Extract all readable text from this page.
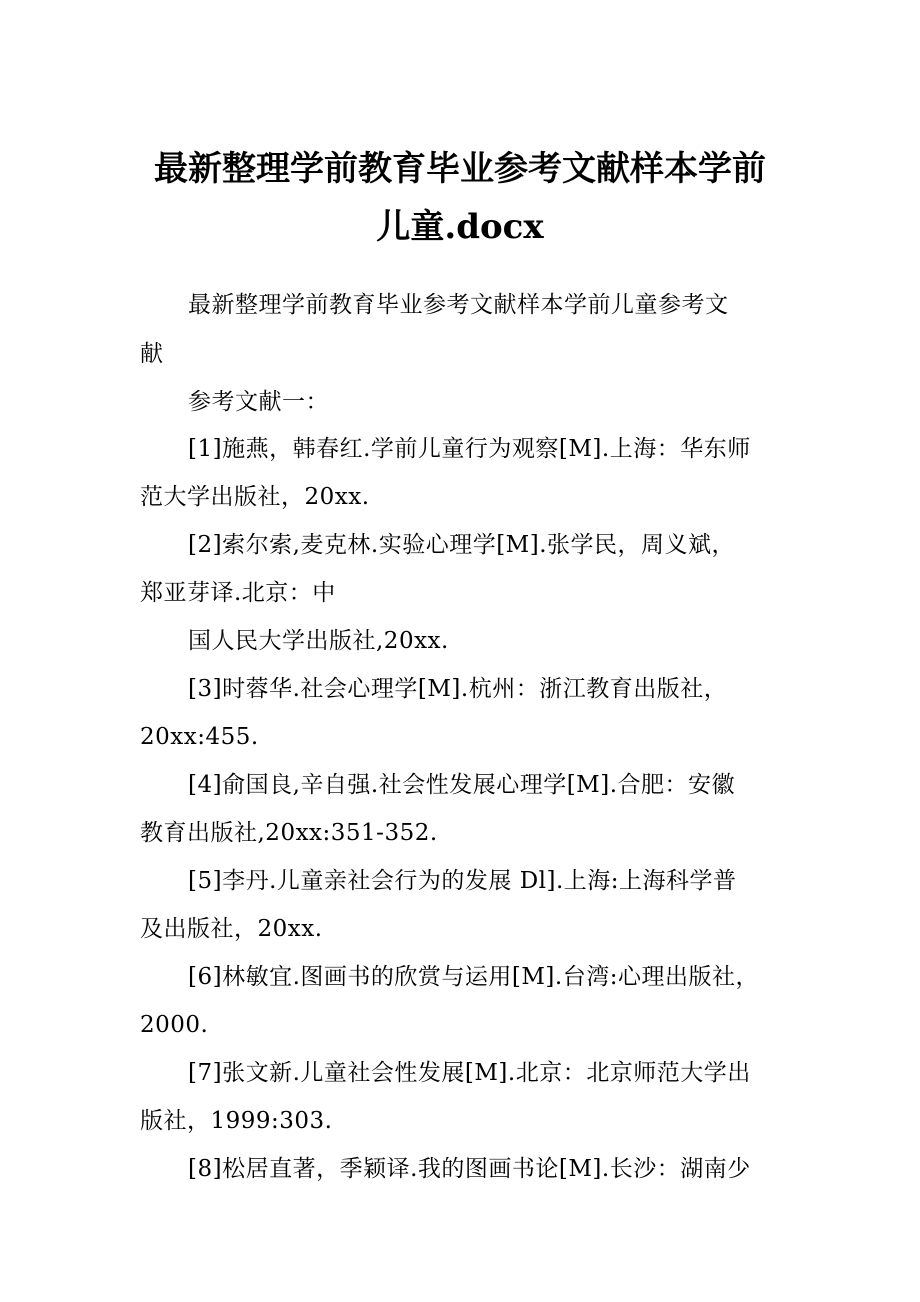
最新整理学前教育毕业参考文献样本学前
儿童.docx
最新整理学前教育毕业参考文献样本学前儿童参考文
献
参考文献一：
[1]施燕，韩春红.学前儿童行为观察[M].上海：华东师
范大学出版社，20xx.
[2]索尔索,麦克林.实验心理学[M].张学民，周义斌，
郑亚芽译.北京：中
国人民大学出版社,20xx.
[3]时蓉华.社会心理学[M].杭州：浙江教育出版社，
20xx:455.
[4]俞国良,辛自强.社会性发展心理学[M].合肥：安徽
教育出版社,20xx:351-352.
[5]李丹.儿童亲社会行为的发展 Dl].上海:上海科学普
及出版社，20xx.
[6]林敏宜.图画书的欣赏与运用[M].台湾:心理出版社，
2000.
[7]张文新.儿童社会性发展[M].北京：北京师范大学出
版社，1999:303.
[8]松居直著，季颖译.我的图画书论[M].长沙：湖南少
